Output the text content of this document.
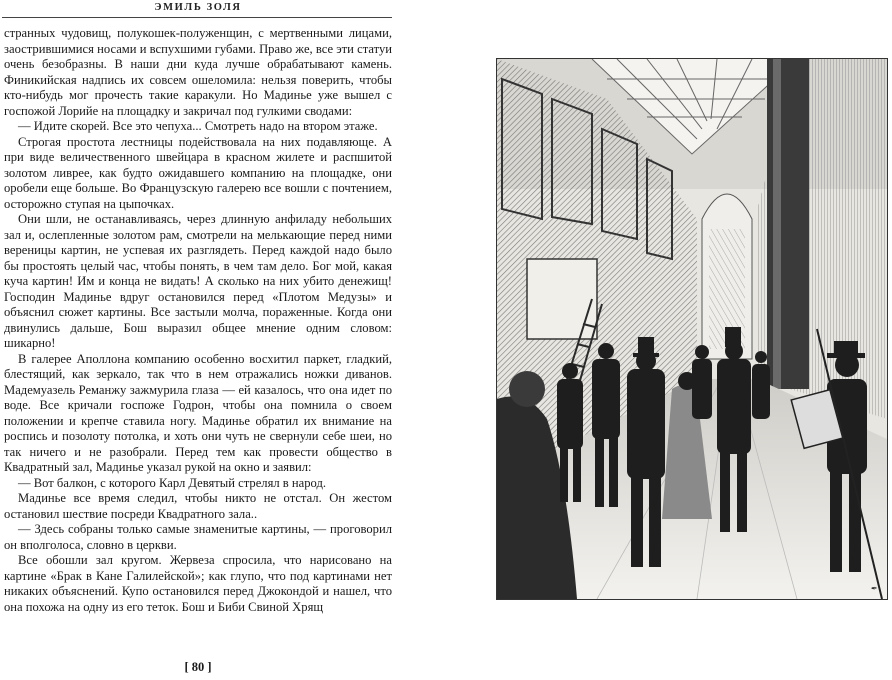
ЭМИЛЬ ЗОЛЯ

странных чудовищ, полукошек-полуженщин, с мертвенными лицами, заострившимися носами и вспухшими губами. Право же, все эти статуи очень безобразны. В наши дни куда лучше обрабатывают камень. Финикийская надпись их совсем ошеломила: нельзя поверить, чтобы кто-нибудь мог прочесть такие каракули. Но Мадинье уже вышел с госпожой Лорийе на площадку и закричал под гулкими сводами:

— Идите скорей. Все это чепуха... Смотреть надо на втором этаже.

Строгая простота лестницы подействовала на них подавляюще. А при виде величественного швейцара в красном жилете и распшитой золотом ливрее, как будто ожидавшего компанию на площадке, они оробели еще больше. Во Французскую галерею все вошли с почтением, осторожно ступая на цыпочках.

Они шли, не останавливаясь, через длинную анфиладу небольших зал и, ослепленные золотом рам, смотрели на мелькающие перед ними вереницы картин, не успевая их разглядеть. Перед каждой надо было бы простоять целый час, чтобы понять, в чем там дело. Бог мой, какая куча картин! Им и конца не видать! А сколько на них убито денежищ! Господин Мадинье вдруг остановился перед «Плотом Медузы» и объяснил сюжет картины. Все застыли молча, пораженные. Когда они двинулись дальше, Бош выразил общее мнение одним словом: шикарно!

В галерее Аполлона компанию особенно восхитил паркет, гладкий, блестящий, как зеркало, так что в нем отражались ножки диванов. Мадемуазель Реманжу зажмурила глаза — ей казалось, что она идет по воде. Все кричали госпоже Годрон, чтобы она помнила о своем положении и крепче ставила ногу. Мадинье обратил их внимание на роспись и позолоту потолка, и хоть они чуть не свернули себе шеи, но так ничего и не разобрали. Перед тем как провести общество в Квадратный зал, Мадинье указал рукой на окно и заявил:

— Вот балкон, с которого Карл Девятый стрелял в народ.

Мадинье все время следил, чтобы никто не отстал. Он жестом остановил шествие посреди Квадратного зала..

— Здесь собраны только самые знаменитые картины, — проговорил он вполголоса, словно в церкви.

Все обошли зал кругом. Жервеза спросила, что нарисовано на картине «Брак в Кане Галилейской»; как глупо, что под картинами нет никаких объяснений. Купо остановился перед Джокондой и нашел, что она похожа на одну из его теток. Бош и Биби Свиной Хрящ

[ 80 ]
✒
